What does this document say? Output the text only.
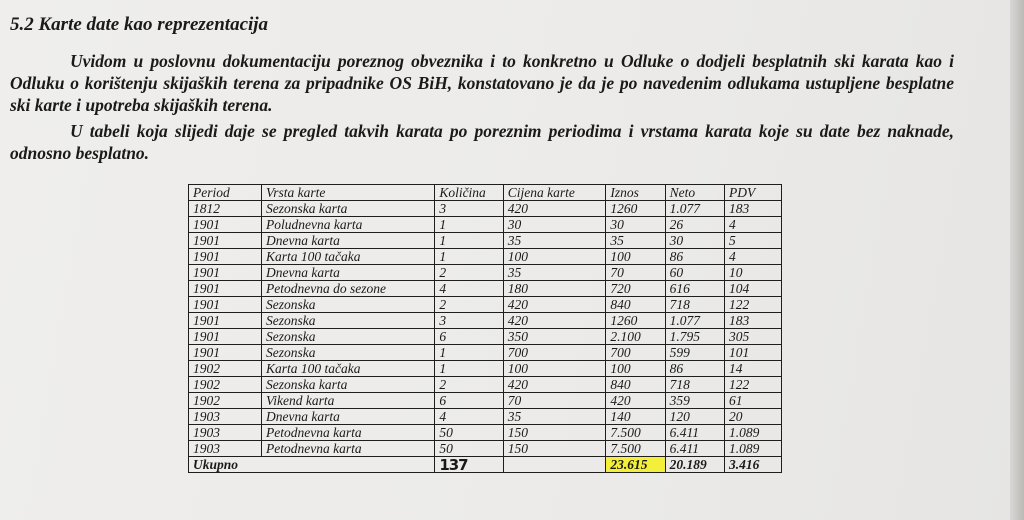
5.2 Karte date kao reprezentacija

Uvidom u poslovnu dokumentaciju poreznog obveznika i to konkretno u Odluke o dodjeli besplatnih ski karata kao i Odluku o korištenju skijaških terena za pripadnike OS BiH, konstatovano je da je po navedenim odlukama ustupljene besplatne ski karte i upotreba skijaških terena.

U tabeli koja slijedi daje se pregled takvih karata po poreznim periodima i vrstama karata koje su date bez naknade, odnosno besplatno.

Period	Vrsta karte	Količina	Cijena karte	Iznos	Neto	PDV
1812	Sezonska karta	3	420	1260	1.077	183
1901	Poludnevna karta	1	30	30	26	4
1901	Dnevna karta	1	35	35	30	5
1901	Karta 100 tačaka	1	100	100	86	4
1901	Dnevna karta	2	35	70	60	10
1901	Petodnevna do sezone	4	180	720	616	104
1901	Sezonska	2	420	840	718	122
1901	Sezonska	3	420	1260	1.077	183
1901	Sezonska	6	350	2.100	1.795	305
1901	Sezonska	1	700	700	599	101
1902	Karta 100 tačaka	1	100	100	86	14
1902	Sezonska karta	2	420	840	718	122
1902	Vikend karta	6	70	420	359	61
1903	Dnevna karta	4	35	140	120	20
1903	Petodnevna karta	50	150	7.500	6.411	1.089
1903	Petodnevna karta	50	150	7.500	6.411	1.089
Ukupno		137		23.615	20.189	3.416
